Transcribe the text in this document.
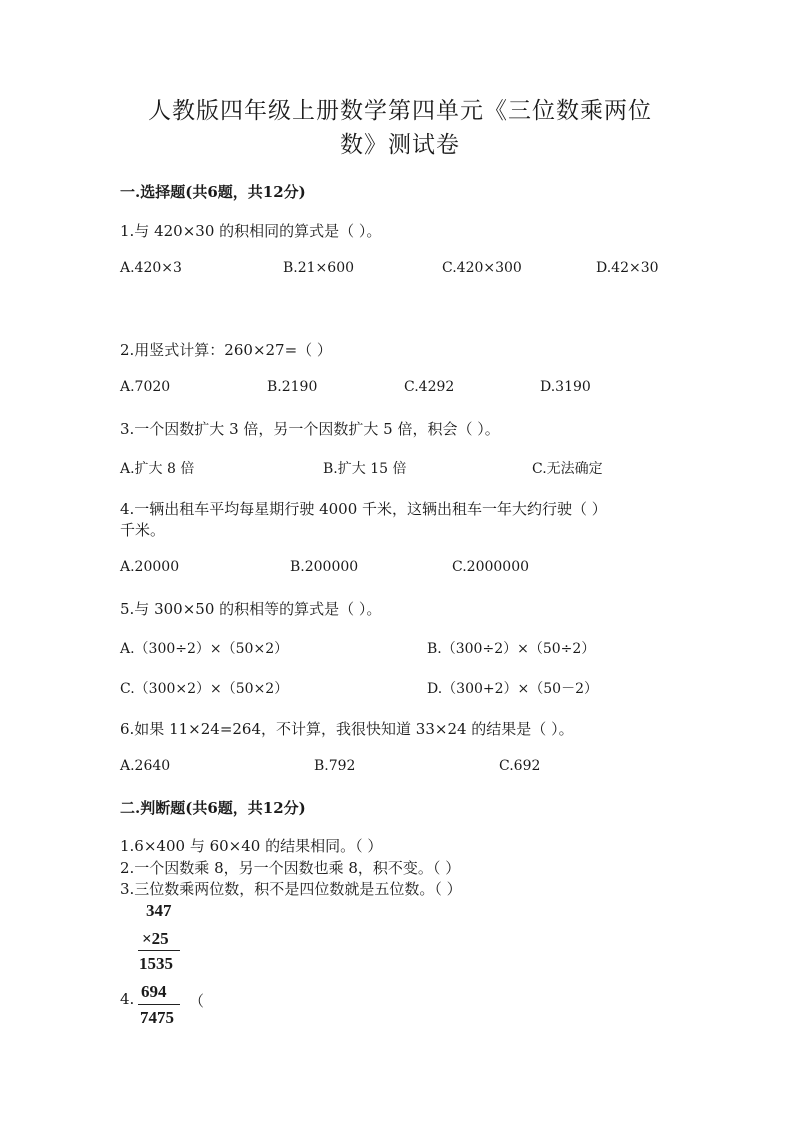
人教版四年级上册数学第四单元《三位数乘两位
数》测试卷
一.选择题(共6题，共12分)
1.与 420×30 的积相同的算式是（ ）。
A.420×3	B.21×600	C.420×300	D.42×30
2.用竖式计算：260×27=（ ）
A.7020	B.2190	C.4292	D.3190
3.一个因数扩大 3 倍，另一个因数扩大 5 倍，积会（ ）。
A.扩大 8 倍	B.扩大 15 倍	C.无法确定
4.一辆出租车平均每星期行驶 4000 千米，这辆出租车一年大约行驶（ ）
千米。
A.20000	B.200000	C.2000000
5.与 300×50 的积相等的算式是（ ）。
A.（300÷2）×（50×2）	B.（300÷2）×（50÷2）
C.（300×2）×（50×2）	D.（300+2）×（50－2）
6.如果 11×24=264，不计算，我很快知道 33×24 的结果是（ ）。
A.2640	B.792	C.692
二.判断题(共6题，共12分)
1.6×400 与 60×40 的结果相同。（ ）
2.一个因数乘 8，另一个因数也乘 8，积不变。（ ）
3.三位数乘两位数，积不是四位数就是五位数。（ ）
347
×25
1535
4. 694
7475
（
